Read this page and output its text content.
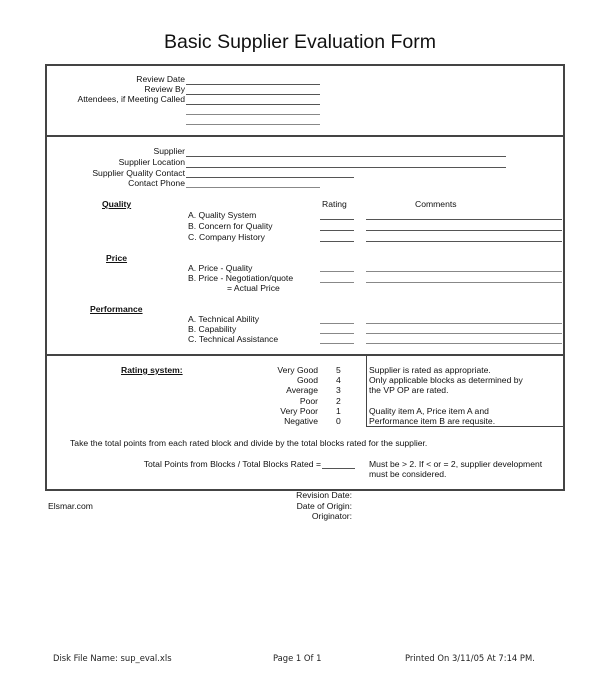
Basic Supplier Evaluation Form
Review Date
Review By
Attendees, if Meeting Called
Supplier
Supplier Location
Supplier Quality Contact
Contact Phone
Rating	Comments
Quality
A. Quality System
B. Concern for Quality
C. Company History
Price
A. Price - Quality
B. Price - Negotiation/quote
= Actual Price
Performance
A. Technical Ability
B. Capability
C. Technical Assistance
Rating system:	Very Good 5
Good 4
Average 3
Poor 2
Very Poor 1
Negative 0
Supplier is rated as appropriate.
Only applicable blocks as determined by
the VP OP are rated.
Quality item A, Price item A and
Performance item B are requsite.
Take the total points from each rated block and divide by the total blocks rated for the supplier.
Total Points from Blocks / Total Blocks Rated =	Must be > 2. If < or = 2, supplier development
must be considered.
Elsmar.com
Revision Date:
Date of Origin:
Originator:
Disk File Name: sup_eval.xls	Page 1 Of 1	Printed On 3/11/05 At 7:14 PM.
